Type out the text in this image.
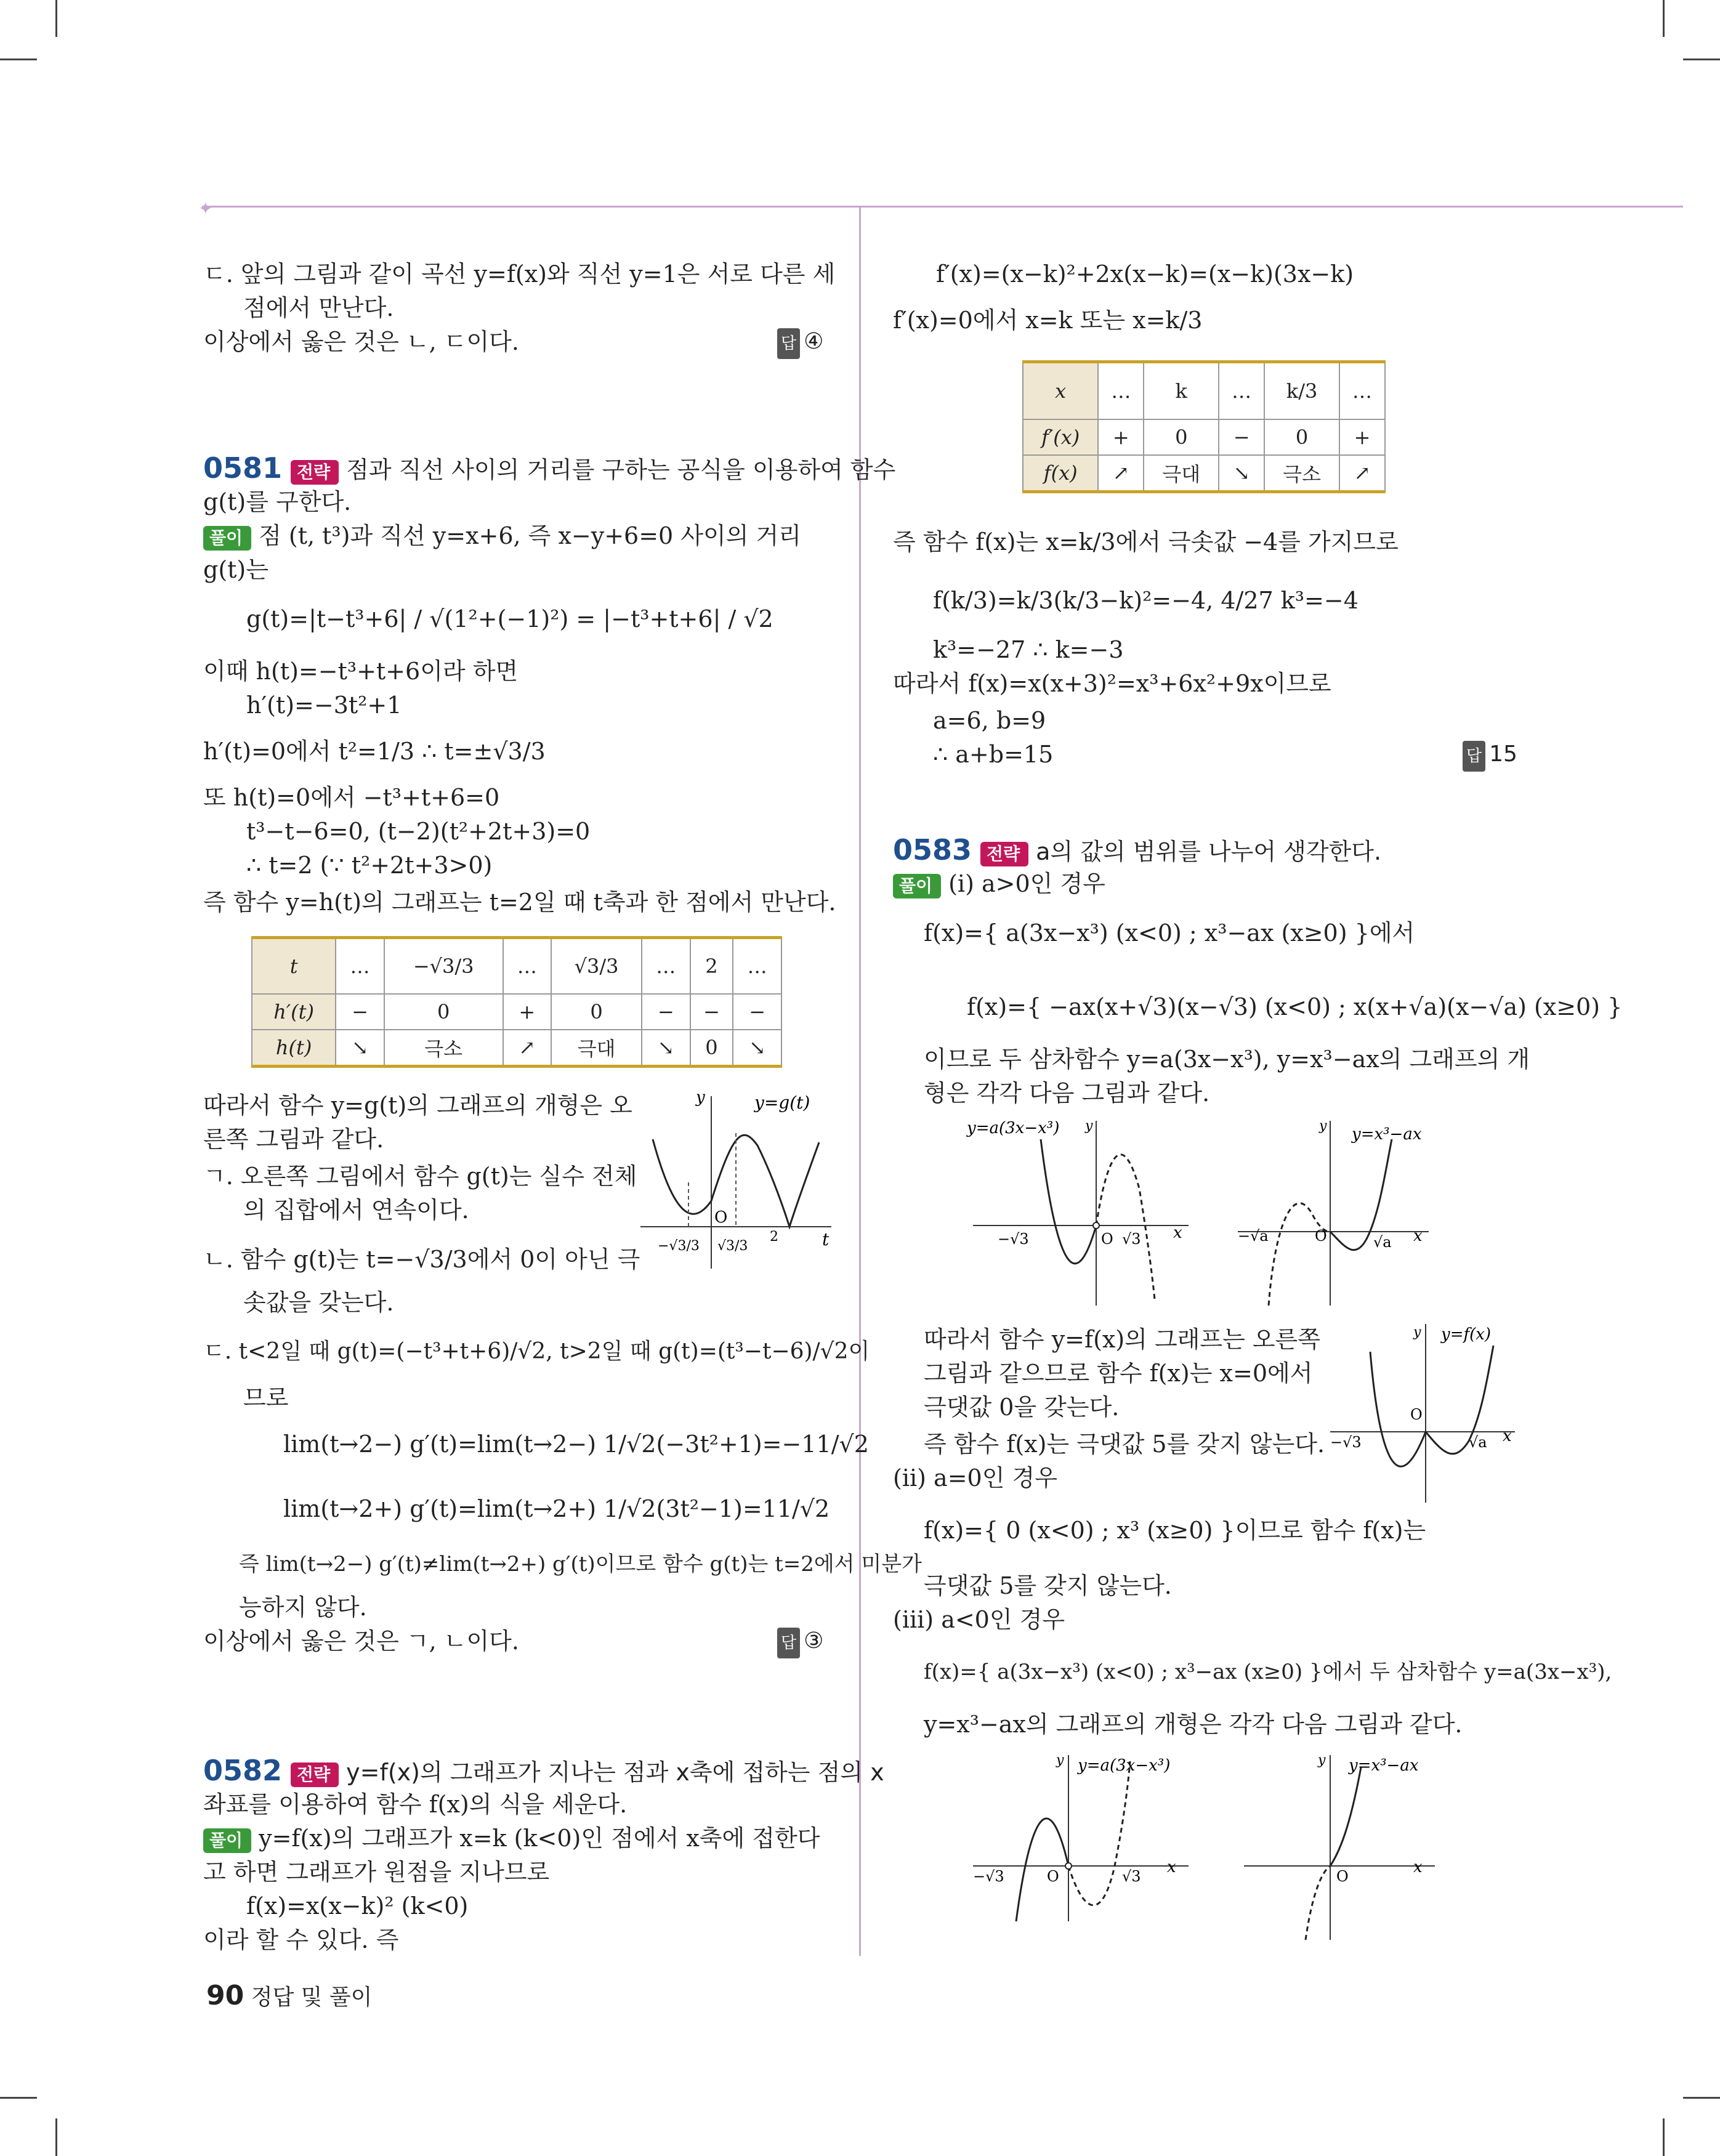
✦
ㄷ. 앞의 그림과 같이 곡선 y=f(x)와 직선 y=1은 서로 다른 세
점에서 만난다.
이상에서 옳은 것은 ㄴ, ㄷ이다.	답 ④
0581 전략 점과 직선 사이의 거리를 구하는 공식을 이용하여 함수
g(t)를 구한다.
풀이 점 (t, t³)과 직선 y=x+6, 즉 x−y+6=0 사이의 거리
g(t)는
g(t)=|t−t³+6| / √(1²+(−1)²) = |−t³+t+6| / √2
이때 h(t)=−t³+t+6이라 하면
h′(t)=−3t²+1
h′(t)=0에서 t²=1/3 ∴ t=±√3/3
또 h(t)=0에서 −t³+t+6=0
t³−t−6=0, (t−2)(t²+2t+3)=0
∴ t=2 (∵ t²+2t+3>0)
즉 함수 y=h(t)의 그래프는 t=2일 때 t축과 한 점에서 만난다.
t	…	−√3/3	…	√3/3	…	2	…
h′(t)	−	0	+	0	−	−	−
h(t)	↘	극소	↗	극대	↘	0	↘
따라서 함수 y=g(t)의 그래프의 개형은 오
른쪽 그림과 같다.
ㄱ. 오른쪽 그림에서 함수 g(t)는 실수 전체
의 집합에서 연속이다.
ㄴ. 함수 g(t)는 t=−√3/3에서 0이 아닌 극
솟값을 갖는다.
y	y=g(t)
t
O
−√3/3 √3/3
2
ㄷ. t<2일 때 g(t)=(−t³+t+6)/√2, t>2일 때 g(t)=(t³−t−6)/√2이
므로
lim(t→2−) g′(t)=lim(t→2−) 1/√2(−3t²+1)=−11/√2
lim(t→2+) g′(t)=lim(t→2+) 1/√2(3t²−1)=11/√2
즉 lim(t→2−) g′(t)≠lim(t→2+) g′(t)이므로 함수 g(t)는 t=2에서 미분가
능하지 않다.
이상에서 옳은 것은 ㄱ, ㄴ이다.	답 ③
0582 전략 y=f(x)의 그래프가 지나는 점과 x축에 접하는 점의 x
좌표를 이용하여 함수 f(x)의 식을 세운다.
풀이 y=f(x)의 그래프가 x=k (k<0)인 점에서 x축에 접한다
고 하면 그래프가 원점을 지나므로
f(x)=x(x−k)² (k<0)
이라 할 수 있다. 즉
90 정답 및 풀이
f′(x)=(x−k)²+2x(x−k)=(x−k)(3x−k)
f′(x)=0에서 x=k 또는 x=k/3
x	…	k	…	k/3	…
f′(x)	+	0	−	0	+
f(x)	↗	극대	↘	극소	↗
즉 함수 f(x)는 x=k/3에서 극솟값 −4를 가지므로
f(k/3)=k/3(k/3−k)²=−4, 4/27 k³=−4
k³=−27 ∴ k=−3
따라서 f(x)=x(x+3)²=x³+6x²+9x이므로
a=6, b=9
∴ a+b=15	답 15
0583 전략 a의 값의 범위를 나누어 생각한다.
풀이 (i) a>0인 경우
f(x)={ a(3x−x³) (x<0) ; x³−ax (x≥0) }에서
f(x)={ −ax(x+√3)(x−√3) (x<0) ; x(x+√a)(x−√a) (x≥0) }
이므로 두 삼차함수 y=a(3x−x³), y=x³−ax의 그래프의 개
형은 각각 다음 그림과 같다.
y=a(3x−x³) y
x
−√3	O √3
y y=x³−ax
x
−√a	O	√a
따라서 함수 y=f(x)의 그래프는 오른쪽
그림과 같으므로 함수 f(x)는 x=0에서
극댓값 0을 갖는다.
즉 함수 f(x)는 극댓값 5를 갖지 않는다.
y y=f(x)
x
O
−√3	√a
(ii) a=0인 경우
f(x)={ 0 (x<0) ; x³ (x≥0) }이므로 함수 f(x)는
극댓값 5를 갖지 않는다.
(iii) a<0인 경우
f(x)={ a(3x−x³) (x<0) ; x³−ax (x≥0) }에서 두 삼차함수 y=a(3x−x³),
y=x³−ax의 그래프의 개형은 각각 다음 그림과 같다.
y y=a(3x−x³)
x
−√3	O	√3
y y=x³−ax
x
O
